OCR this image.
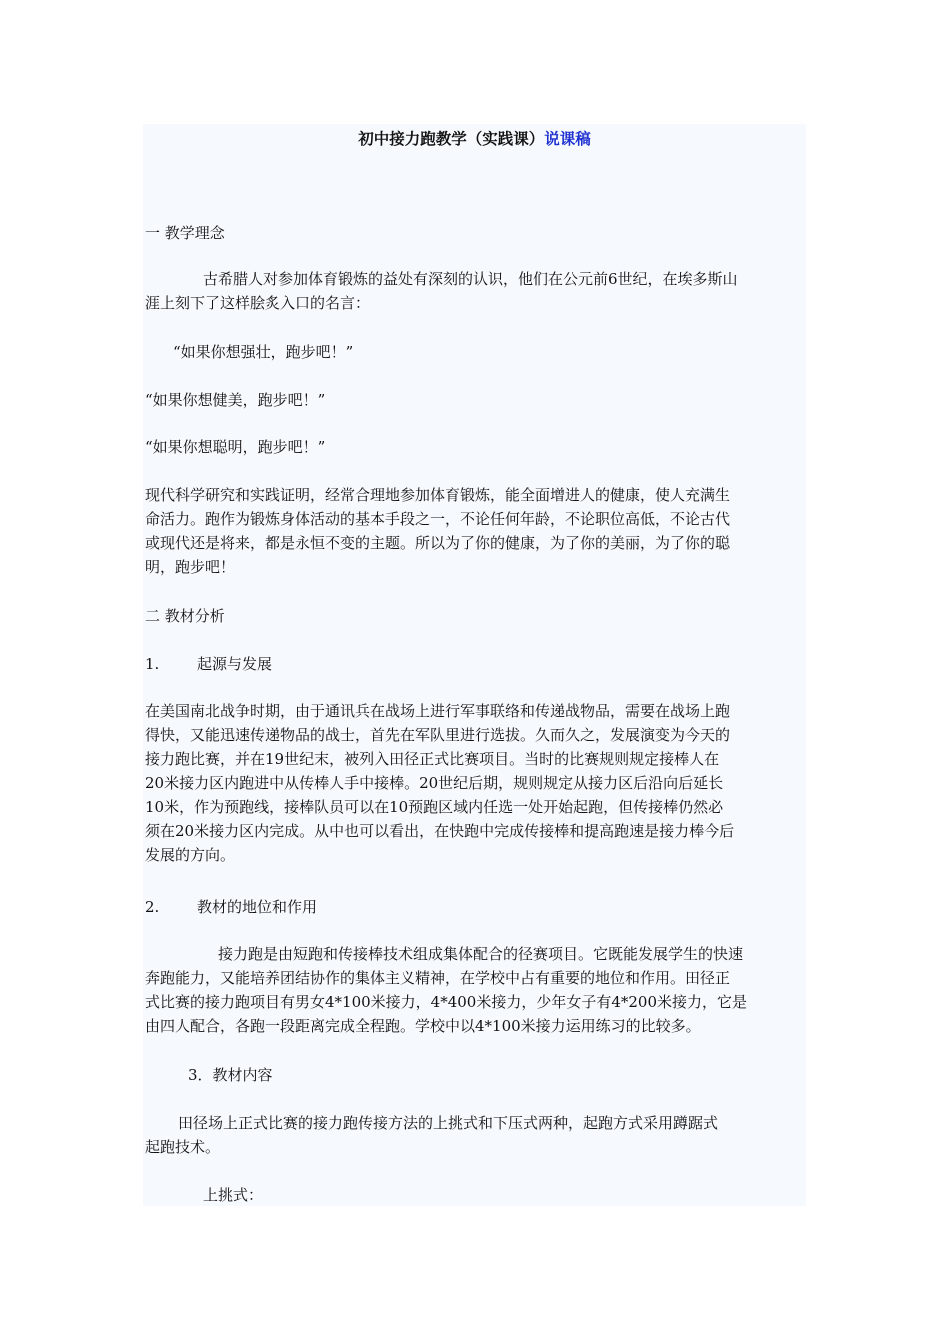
初中接力跑教学（实践课）说课稿

一 教学理念

古希腊人对参加体育锻炼的益处有深刻的认识，他们在公元前6世纪，在埃多斯山
涯上刻下了这样脍炙入口的名言：

“如果你想强壮，跑步吧！”

“如果你想健美，跑步吧！”

“如果你想聪明，跑步吧！”

现代科学研究和实践证明，经常合理地参加体育锻炼，能全面增进人的健康，使人充满生
命活力。跑作为锻炼身体活动的基本手段之一，不论任何年龄，不论职位高低，不论古代
或现代还是将来，都是永恒不变的主题。所以为了你的健康，为了你的美丽，为了你的聪
明，跑步吧！

二 教材分析

1.	起源与发展

在美国南北战争时期，由于通讯兵在战场上进行军事联络和传递战物品，需要在战场上跑
得快，又能迅速传递物品的战士，首先在军队里进行选拔。久而久之，发展演变为今天的
接力跑比赛，并在19世纪末，被列入田径正式比赛项目。当时的比赛规则规定接棒人在
20米接力区内跑进中从传棒人手中接棒。20世纪后期，规则规定从接力区后沿向后延长
10米，作为预跑线，接棒队员可以在10预跑区域内任选一处开始起跑，但传接棒仍然必
须在20米接力区内完成。从中也可以看出，在快跑中完成传接棒和提高跑速是接力棒今后
发展的方向。

2.	教材的地位和作用

接力跑是由短跑和传接棒技术组成集体配合的径赛项目。它既能发展学生的快速
奔跑能力，又能培养团结协作的集体主义精神，在学校中占有重要的地位和作用。田径正
式比赛的接力跑项目有男女4*100米接力，4*400米接力，少年女子有4*200米接力，它是
由四人配合，各跑一段距离完成全程跑。学校中以4*100米接力运用练习的比较多。

3．教材内容

田径场上正式比赛的接力跑传接方法的上挑式和下压式两种，起跑方式采用蹲踞式
起跑技术。

上挑式：
